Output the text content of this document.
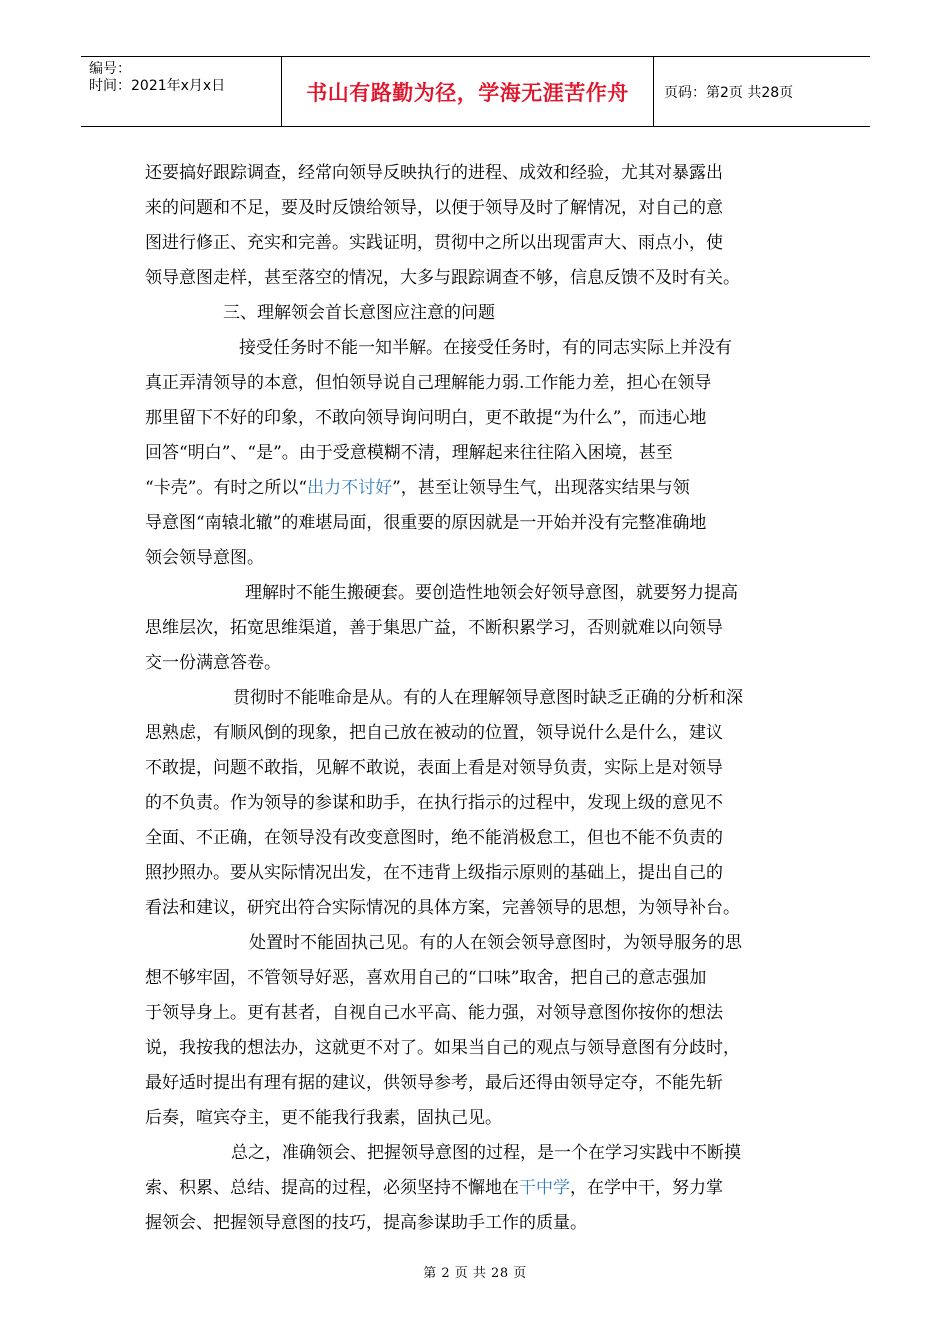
编号：
时间：2021年x月x日	书山有路勤为径，学海无涯苦作舟	页码：第2页 共28页

还要搞好跟踪调查，经常向领导反映执行的进程、成效和经验，尤其对暴露出
来的问题和不足，要及时反馈给领导，以便于领导及时了解情况，对自己的意
图进行修正、充实和完善。实践证明，贯彻中之所以出现雷声大、雨点小，使
领导意图走样，甚至落空的情况，大多与跟踪调查不够，信息反馈不及时有关。

三、理解领会首长意图应注意的问题

接受任务时不能一知半解。在接受任务时，有的同志实际上并没有
真正弄清领导的本意，但怕领导说自己理解能力弱.工作能力差，担心在领导
那里留下不好的印象，不敢向领导询问明白，更不敢提“为什么”，而违心地
回答“明白”、“是”。由于受意模糊不清，理解起来往往陷入困境，甚至
“卡壳”。有时之所以“出力不讨好”，甚至让领导生气，出现落实结果与领
导意图“南辕北辙”的难堪局面，很重要的原因就是一开始并没有完整准确地
领会领导意图。

理解时不能生搬硬套。要创造性地领会好领导意图，就要努力提高
思维层次，拓宽思维渠道，善于集思广益，不断积累学习，否则就难以向领导
交一份满意答卷。

贯彻时不能唯命是从。有的人在理解领导意图时缺乏正确的分析和深
思熟虑，有顺风倒的现象，把自己放在被动的位置，领导说什么是什么，建议
不敢提，问题不敢指，见解不敢说，表面上看是对领导负责，实际上是对领导
的不负责。作为领导的参谋和助手，在执行指示的过程中，发现上级的意见不
全面、不正确，在领导没有改变意图时，绝不能消极怠工，但也不能不负责的
照抄照办。要从实际情况出发，在不违背上级指示原则的基础上，提出自己的
看法和建议，研究出符合实际情况的具体方案，完善领导的思想，为领导补台。

处置时不能固执己见。有的人在领会领导意图时，为领导服务的思
想不够牢固，不管领导好恶，喜欢用自己的“口味”取舍，把自己的意志强加
于领导身上。更有甚者，自视自己水平高、能力强，对领导意图你按你的想法
说，我按我的想法办，这就更不对了。如果当自己的观点与领导意图有分歧时，
最好适时提出有理有据的建议，供领导参考，最后还得由领导定夺，不能先斩
后奏，喧宾夺主，更不能我行我素，固执己见。

总之，准确领会、把握领导意图的过程，是一个在学习实践中不断摸
索、积累、总结、提高的过程，必须坚持不懈地在干中学，在学中干，努力掌
握领会、把握领导意图的技巧，提高参谋助手工作的质量。

第 2 页 共 28 页
